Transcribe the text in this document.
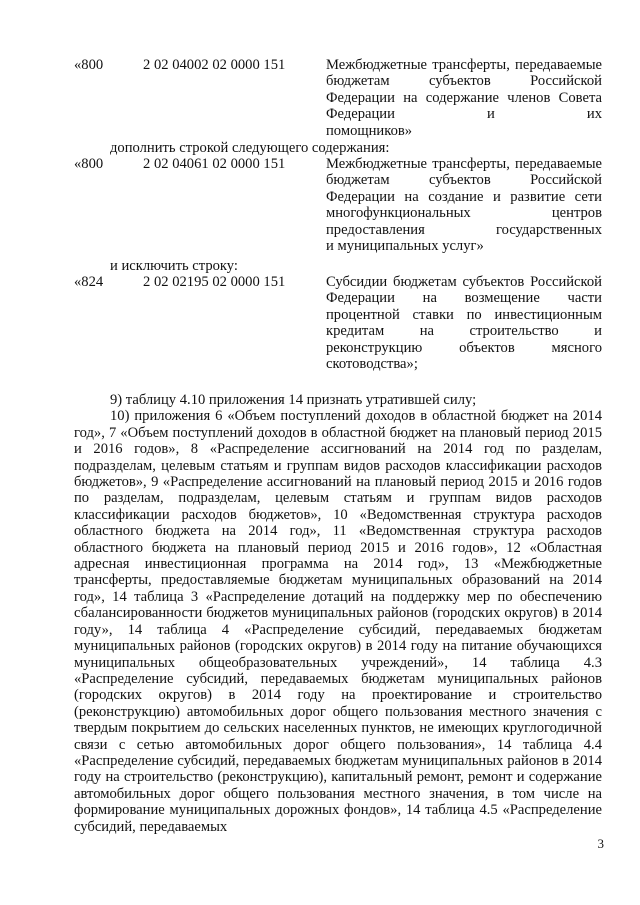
«800	2 02 04002 02 0000 151	Межбюджетные трансферты, передаваемые бюджетам субъектов Российской Федерации на содержание членов Совета Федерации и их
помощников»
дополнить строкой следующего содержания:
«800	2 02 04061 02 0000 151	Межбюджетные трансферты, передаваемые бюджетам субъектов Российской Федерации на создание и развитие сети многофункциональных центров предоставления государственных
и муниципальных услуг»
и исключить строку:
«824	2 02 02195 02 0000 151	Субсидии бюджетам субъектов Российской Федерации на возмещение части процентной ставки по инвестиционным кредитам на строительство и реконструкцию объектов мясного
скотоводства»;

9) таблицу 4.10 приложения 14 признать утратившей силу;

10) приложения 6 «Объем поступлений доходов в областной бюджет на 2014 год», 7 «Объем поступлений доходов в областной бюджет на плановый период 2015 и 2016 годов», 8 «Распределение ассигнований на 2014 год по разделам, подразделам, целевым статьям и группам видов расходов классификации расходов бюджетов», 9 «Распределение ассигнований на плановый период 2015 и 2016 годов по разделам, подразделам, целевым статьям и группам видов расходов классификации расходов бюджетов», 10 «Ведомственная структура расходов областного бюджета на 2014 год», 11 «Ведомственная структура расходов областного бюджета на плановый период 2015 и 2016 годов», 12 «Областная адресная инвестиционная программа на 2014 год», 13 «Межбюджетные трансферты, предоставляемые бюджетам муниципальных образований на 2014 год», 14 таблица 3 «Распределение дотаций на поддержку мер по обеспечению сбалансированности бюджетов муниципальных районов (городских округов) в 2014 году», 14 таблица 4 «Распределение субсидий, передаваемых бюджетам муниципальных районов (городских округов) в 2014 году на питание обучающихся муниципальных общеобразовательных учреждений», 14 таблица 4.3 «Распределение субсидий, передаваемых бюджетам муниципальных районов (городских округов) в 2014 году на проектирование и строительство (реконструкцию) автомобильных дорог общего пользования местного значения с твердым покрытием до сельских населенных пунктов, не имеющих круглогодичной связи с сетью автомобильных дорог общего пользования», 14 таблица 4.4 «Распределение субсидий, передаваемых бюджетам муниципальных районов в 2014 году на строительство (реконструкцию), капитальный ремонт, ремонт и содержание автомобильных дорог общего пользования местного значения, в том числе на формирование муниципальных дорожных фондов», 14 таблица 4.5 «Распределение субсидий, передаваемых

3
